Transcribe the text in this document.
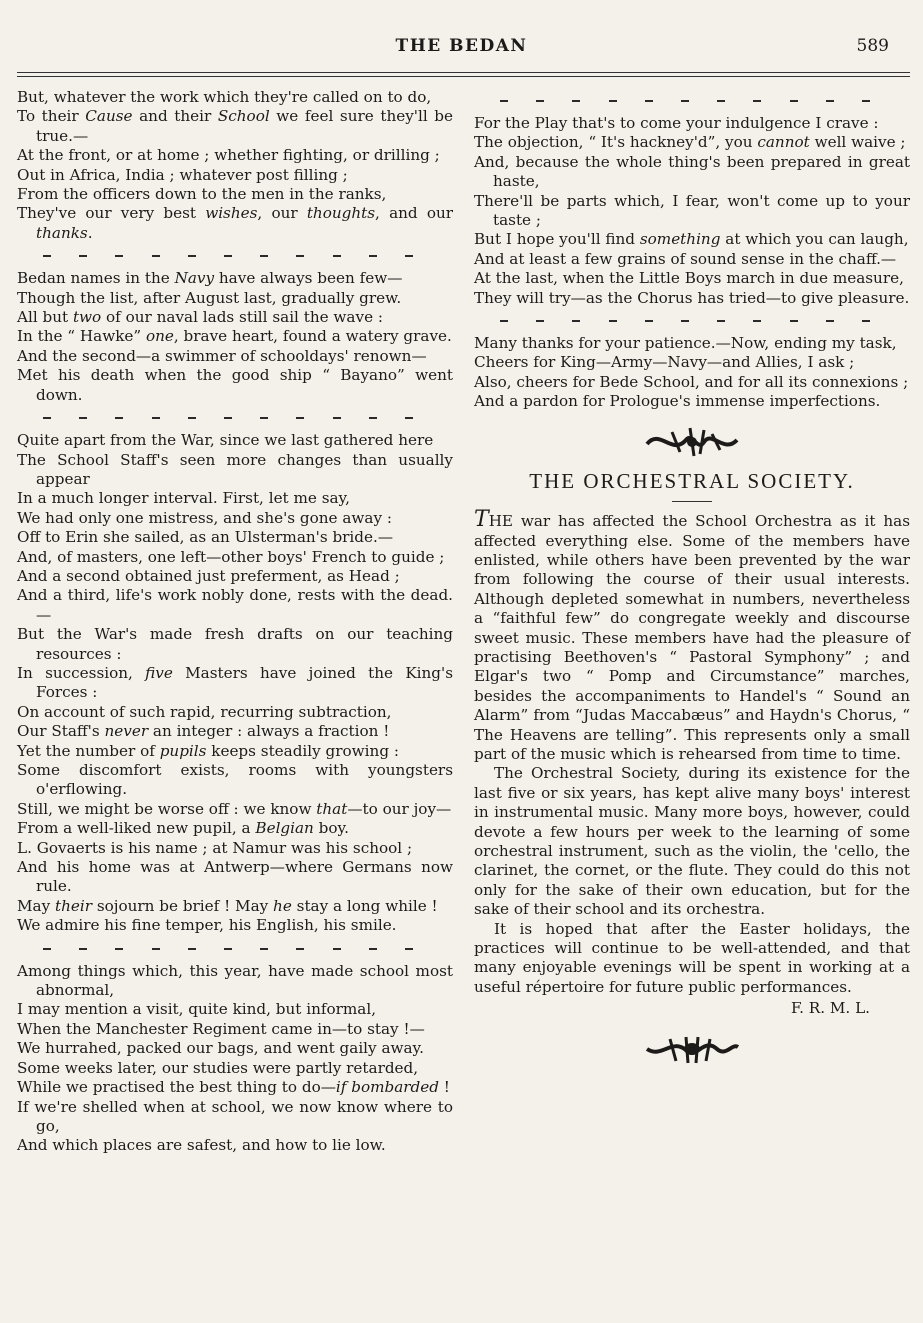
THE BEDAN	589
But, whatever the work which they're called on to do,
To their Cause and their School we feel sure they'll be true.—
At the front, or at home ; whether fighting, or drilling ;
Out in Africa, India ; whatever post filling ;
From the officers down to the men in the ranks,
They've our very best wishes, our thoughts, and our thanks.
Bedan names in the Navy have always been few—
Though the list, after August last, gradually grew.
All but two of our naval lads still sail the wave :
In the “ Hawke” one, brave heart, found a watery grave.
And the second—a swimmer of schooldays' renown—
Met his death when the good ship “ Bayano” went down.
Quite apart from the War, since we last gathered here
The School Staff's seen more changes than usually appear
In a much longer interval. First, let me say,
We had only one mistress, and she's gone away :
Off to Erin she sailed, as an Ulsterman's bride.—
And, of masters, one left—other boys' French to guide ;
And a second obtained just preferment, as Head ;
And a third, life's work nobly done, rests with the dead.—
But the War's made fresh drafts on our teaching resources :
In succession, five Masters have joined the King's Forces :
On account of such rapid, recurring subtraction,
Our Staff's never an integer : always a fraction !
Yet the number of pupils keeps steadily growing :
Some discomfort exists, rooms with youngsters o'erflowing.
Still, we might be worse off : we know that—to our joy—
From a well-liked new pupil, a Belgian boy.
L. Govaerts is his name ; at Namur was his school ;
And his home was at Antwerp—where Germans now rule.
May their sojourn be brief ! May he stay a long while !
We admire his fine temper, his English, his smile.
Among things which, this year, have made school most abnormal,
I may mention a visit, quite kind, but informal,
When the Manchester Regiment came in—to stay !—
We hurrahed, packed our bags, and went gaily away.
Some weeks later, our studies were partly retarded,
While we practised the best thing to do—if bombarded !
If we're shelled when at school, we now know where to go,
And which places are safest, and how to lie low.
For the Play that's to come your indulgence I crave :
The objection, “ It's hackney'd”, you cannot well waive ;
And, because the whole thing's been prepared in great haste,
There'll be parts which, I fear, won't come up to your taste ;
But I hope you'll find something at which you can laugh,
And at least a few grains of sound sense in the chaff.—
At the last, when the Little Boys march in due measure,
They will try—as the Chorus has tried—to give pleasure.
Many thanks for your patience.—Now, ending my task,
Cheers for King—Army—Navy—and Allies, I ask ;
Also, cheers for Bede School, and for all its connexions ;
And a pardon for Prologue's immense imperfections.
THE ORCHESTRAL SOCIETY.

THE war has affected the School Orchestra as it has affected everything else. Some of the members have enlisted, while others have been prevented by the war from following the course of their usual interests. Although depleted somewhat in numbers, nevertheless a “faithful few” do congregate weekly and discourse sweet music. These members have had the pleasure of practising Beethoven's “ Pastoral Symphony” ; and Elgar's two “ Pomp and Circumstance” marches, besides the accompaniments to Handel's “ Sound an Alarm” from “Judas Maccabæus” and Haydn's Chorus, “ The Heavens are telling”. This represents only a small part of the music which is rehearsed from time to time.

The Orchestral Society, during its existence for the last five or six years, has kept alive many boys' interest in instrumental music. Many more boys, however, could devote a few hours per week to the learning of some orchestral instrument, such as the violin, the 'cello, the clarinet, the cornet, or the flute. They could do this not only for the sake of their own education, but for the sake of their school and its orchestra.

It is hoped that after the Easter holidays, the practices will continue to be well-attended, and that many enjoyable evenings will be spent in working at a useful répertoire for future public performances.

F. R. M. L.
